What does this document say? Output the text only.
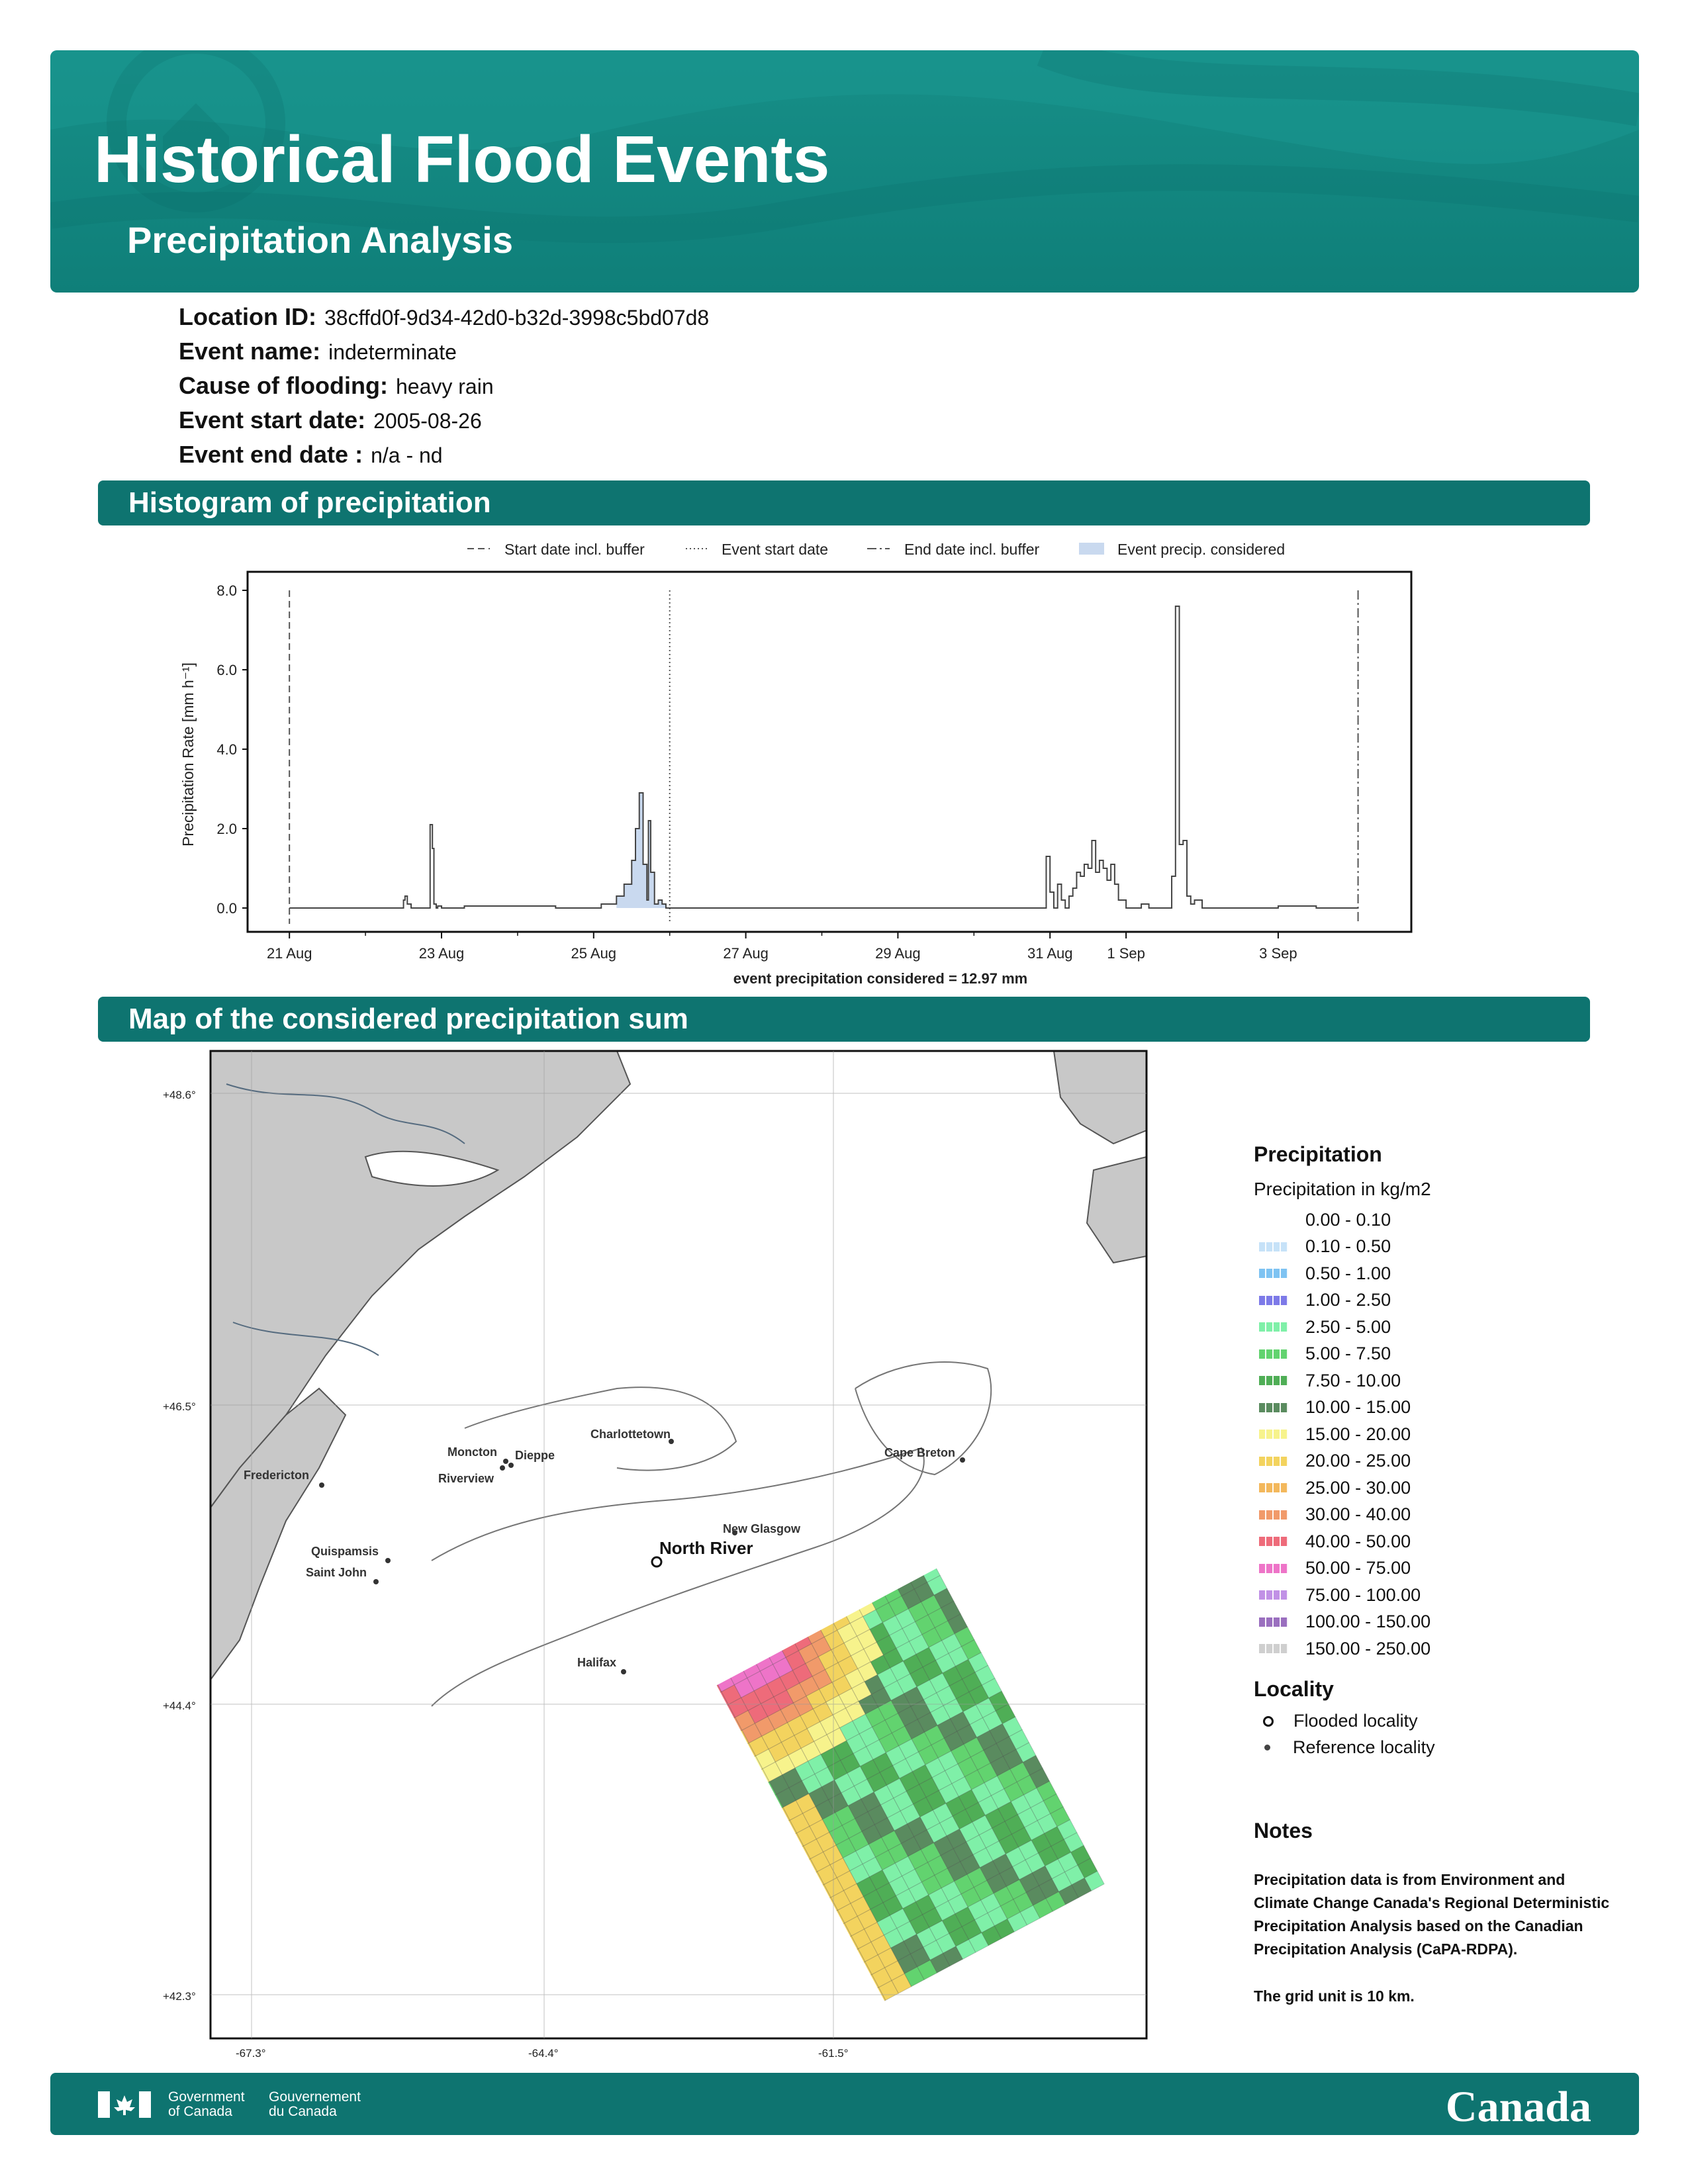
Historical Flood Events
Precipitation Analysis
Location ID: 38cffd0f-9d34-42d0-b32d-3998c5bd07d8
Event name: indeterminate
Cause of flooding: heavy rain
Event start date: 2005-08-26
Event end date : n/a - nd
Histogram of precipitation
Start date incl. buffer	Event start date	End date incl. buffer	Event precip. considered
0.0
2.0
4.0
6.0
8.0
21 Aug	23 Aug	25 Aug	27 Aug	29 Aug	31 Aug 1 Sep	3 Sep
Precipitation Rate [mm h⁻¹]
event precipitation considered = 12.97 mm
Map of the considered precipitation sum
+48.6°
+46.5°
+44.4°
+42.3°
-67.3°	-64.4°	-61.5°
Charlottetown
Cape Breton
Moncton Dieppe
Riverview
Fredericton
Quispamsis
Saint John
New Glasgow
Halifax
North River
Precipitation
Precipitation in kg/m2
0.00 - 0.10
0.10 - 0.50
0.50 - 1.00
1.00 - 2.50
2.50 - 5.00
5.00 - 7.50
7.50 - 10.00
10.00 - 15.00
15.00 - 20.00
20.00 - 25.00
25.00 - 30.00
30.00 - 40.00
40.00 - 50.00
50.00 - 75.00
75.00 - 100.00
100.00 - 150.00
150.00 - 250.00
Locality
Flooded locality
Reference locality
Notes

Precipitation data is from Environment and Climate Change Canada's Regional Deterministic Precipitation Analysis based on the Canadian Precipitation Analysis (CaPA-RDPA).

The grid unit is 10 km.

Government
of Canada
Gouvernement
du Canada	Canada
